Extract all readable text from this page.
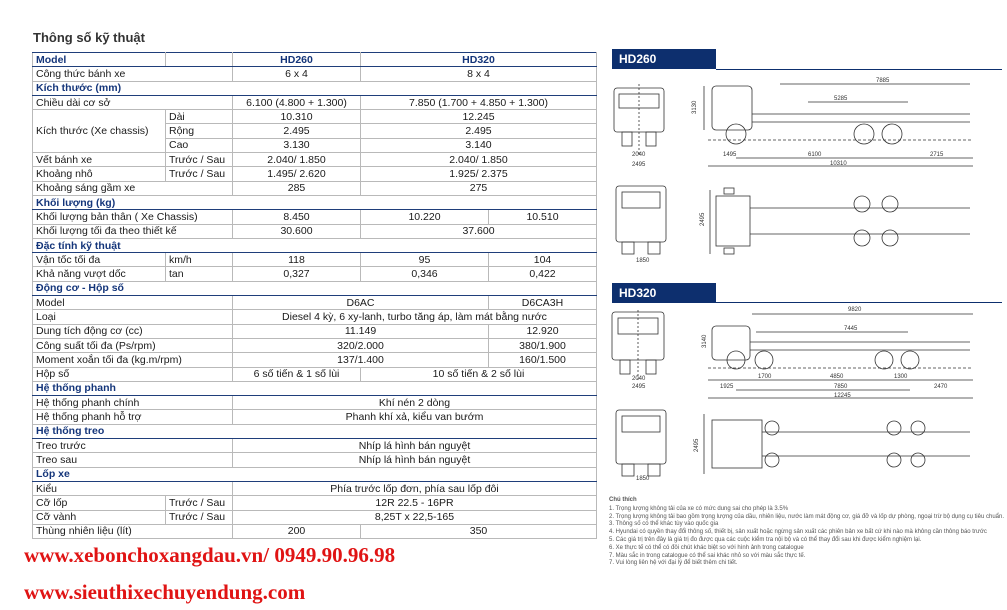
Thông số kỹ thuật
Model		HD260	HD320	
Công thức bánh xe		6 x 4	8 x 4	
Kích thước (mm)				
Chiều dài cơ sở		6.100 (4.800 + 1.300)	7.850 (1.700 + 4.850 + 1.300)	
Kích thước (Xe chassis)	Dài	10.310	12.245	
	Rộng	2.495	2.495	
	Cao	3.130	3.140	
Vết bánh xe	Trước / Sau	2.040/ 1.850	2.040/ 1.850	
Khoảng nhô	Trước / Sau	1.495/ 2.620	1.925/ 2.375	
Khoảng sáng gầm xe		285	275	
Khối lượng (kg)				
Khối lượng bản thân ( Xe Chassis)		8.450	10.220	10.510
Khối lượng tối đa theo thiết kế		30.600	37.600	
Đặc tính kỹ thuật				
Vận tốc tối đa	km/h	118	95	104
Khả năng vượt dốc	tan	0,327	0,346	0,422
Động cơ - Hộp số				
Model		D6AC		D6CA3H
Loại		Diesel 4 kỳ, 6 xy-lanh, turbo tăng áp, làm mát bằng nước		
Dung tích động cơ (cc)		11.149		12.920
Công suất tối đa (Ps/rpm)		320/2.000		380/1.900
Moment xoắn tối đa (kg.m/rpm)		137/1.400		160/1.500
Hộp số		6 số tiến & 1 số lùi	10 số tiến & 2 số lùi	
Hệ thống phanh				
Hệ thống phanh chính		Khí nén 2 dòng		
Hệ thống phanh hỗ trợ		Phanh khí xả, kiểu van bướm		
Hệ thống treo				
Treo trước		Nhíp lá hình bán nguyệt		
Treo sau		Nhíp lá hình bán nguyệt		
Lốp xe				
Kiểu		Phía trước lốp đơn, phía sau lốp đôi		
Cỡ lốp	Trước / Sau	12R 22.5 - 16PR		
Cỡ vành	Trước / Sau	8,25T x 22,5-165		
Thùng nhiên liệu (lít)		200	350	
HD260
7885
5285
3130
2040
2495
1495	6100	2715
10310
2495
1850
HD320
9820
7445
3140
2040
2495	1925
1700	4850	1300
2470
7850
12245
2495
1850
Chú thích
1. Trọng lượng không tải của xe có mức dung sai cho phép là 3.5%
2. Trọng lượng không tải bao gồm trọng lượng của dầu, nhiên liệu, nước làm mát động cơ, giá đỡ và lốp dự phòng, ngoại trừ bộ dụng cụ tiêu chuẩn.
3. Thông số có thể khác tùy vào quốc gia
4. Hyundai có quyền thay đổi thông số, thiết bị, sản xuất hoặc ngừng sản xuất các phiên bản xe bất cứ khi nào mà không cần thông báo trước
5. Các giá trị trên đây là giá trị đo được qua các cuộc kiểm tra nội bộ và có thể thay đổi sau khi được kiểm nghiệm lại.
6. Xe thực tế có thể có đôi chút khác biệt so với hình ảnh trong catalogue
7. Màu sắc in trong catalogue có thể sai khác nhỏ so với màu sắc thực tế.
7. Vui lòng liên hệ với đại lý để biết thêm chi tiết.
www.xebonchoxangdau.vn/ 0949.90.96.98
www.sieuthixechuyendung.com
